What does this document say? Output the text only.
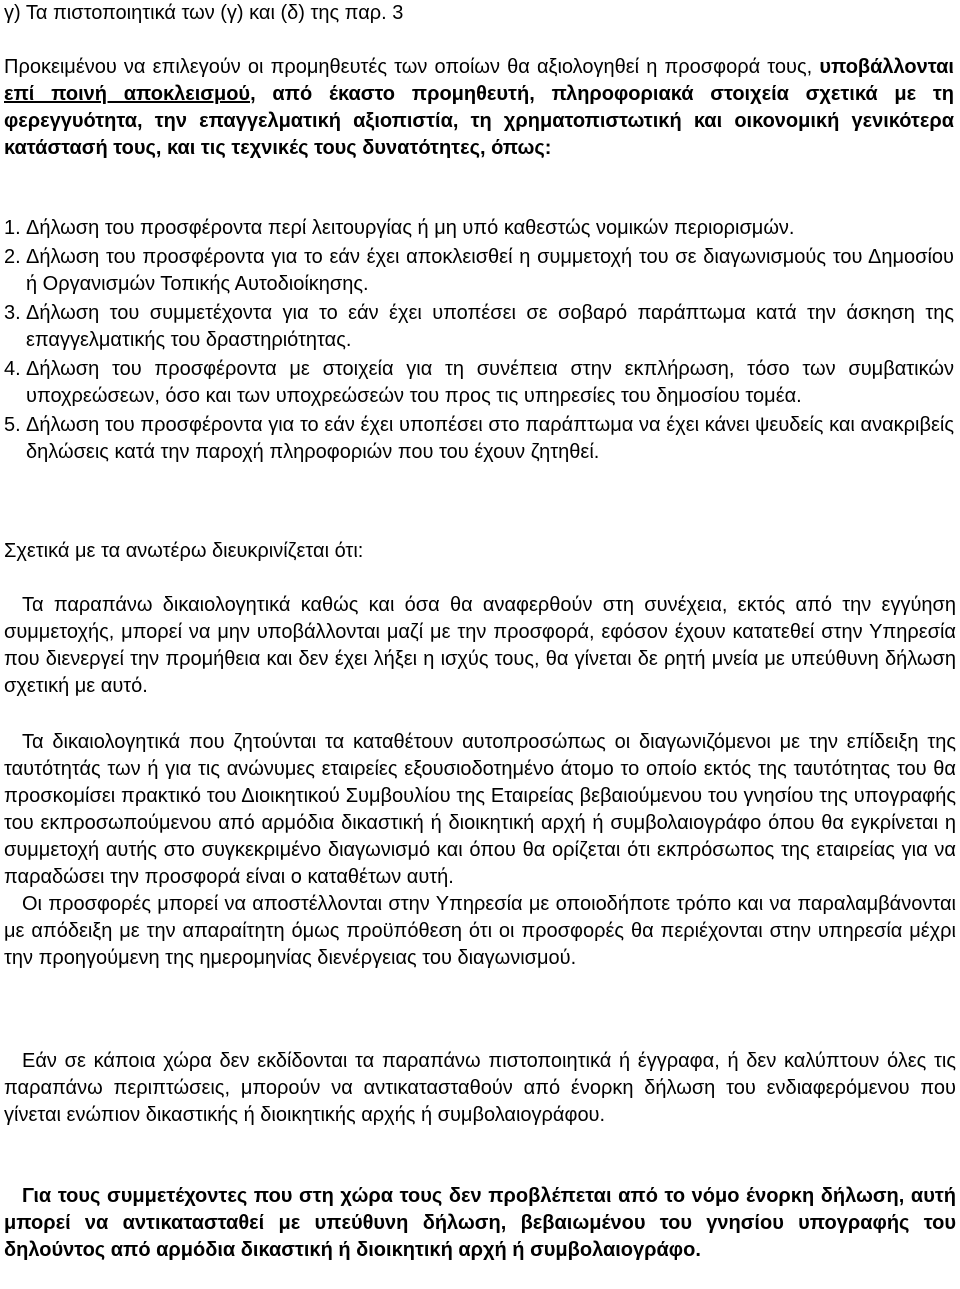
γ) Τα πιστοποιητικά των (γ) και (δ) της παρ. 3

Προκειμένου να επιλεγούν οι προμηθευτές των οποίων θα αξιολογηθεί η προσφορά τους, υποβάλλονται επί ποινή αποκλεισμού, από έκαστο προμηθευτή, πληροφοριακά στοιχεία σχετικά με τη φερεγγυότητα, την επαγγελματική αξιοπιστία, τη χρηματοπιστωτική και οικονομική γενικότερα κατάστασή τους, και τις τεχνικές τους δυνατότητες, όπως:

1. Δήλωση του προσφέροντα περί λειτουργίας ή μη υπό καθεστώς νομικών περιορισμών.
2. Δήλωση του προσφέροντα για το εάν έχει αποκλεισθεί η συμμετοχή του σε διαγωνισμούς του Δημοσίου ή Οργανισμών Τοπικής Αυτοδιοίκησης.
3. Δήλωση του συμμετέχοντα για το εάν έχει υποπέσει σε σοβαρό παράπτωμα κατά την άσκηση της επαγγελματικής του δραστηριότητας.
4. Δήλωση του προσφέροντα με στοιχεία για τη συνέπεια στην εκπλήρωση, τόσο των συμβατικών υποχρεώσεων, όσο και των υποχρεώσεών του προς τις υπηρεσίες του δημοσίου τομέα.
5. Δήλωση του προσφέροντα για το εάν έχει υποπέσει στο παράπτωμα να έχει κάνει ψευδείς και ανακριβείς δηλώσεις κατά την παροχή πληροφοριών που του έχουν ζητηθεί.

Σχετικά με τα ανωτέρω διευκρινίζεται ότι:

Τα παραπάνω δικαιολογητικά καθώς και όσα θα αναφερθούν στη συνέχεια, εκτός από την εγγύηση συμμετοχής, μπορεί να μην υποβάλλονται μαζί με την προσφορά, εφόσον έχουν κατατεθεί στην Υπηρεσία που διενεργεί την προμήθεια και δεν έχει λήξει η ισχύς τους, θα γίνεται δε ρητή μνεία με υπεύθυνη δήλωση σχετική με αυτό.

Τα δικαιολογητικά που ζητούνται τα καταθέτουν αυτοπροσώπως οι διαγωνιζόμενοι με την επίδειξη της ταυτότητάς των ή για τις ανώνυμες εταιρείες εξουσιοδοτημένο άτομο το οποίο εκτός της ταυτότητας του θα προσκομίσει πρακτικό του Διοικητικού Συμβουλίου της Εταιρείας βεβαιούμενου του γνησίου της υπογραφής του εκπροσωπούμενου από αρμόδια δικαστική ή διοικητική αρχή ή συμβολαιογράφο όπου θα εγκρίνεται η συμμετοχή αυτής στο συγκεκριμένο διαγωνισμό και όπου θα ορίζεται ότι εκπρόσωπος της εταιρείας για να παραδώσει την προσφορά είναι ο καταθέτων αυτή.

Οι προσφορές μπορεί να αποστέλλονται στην Υπηρεσία με οποιοδήποτε τρόπο και να παραλαμβάνονται με απόδειξη με την απαραίτητη όμως προϋπόθεση ότι οι προσφορές θα περιέχονται στην υπηρεσία μέχρι την προηγούμενη της ημερομηνίας διενέργειας του διαγωνισμού.

Εάν σε κάποια χώρα δεν εκδίδονται τα παραπάνω πιστοποιητικά ή έγγραφα, ή δεν καλύπτουν όλες τις παραπάνω περιπτώσεις, μπορούν να αντικατασταθούν από ένορκη δήλωση του ενδιαφερόμενου που γίνεται ενώπιον δικαστικής ή διοικητικής αρχής ή συμβολαιογράφου.

Για τους συμμετέχοντες που στη χώρα τους δεν προβλέπεται από το νόμο ένορκη δήλωση, αυτή μπορεί να αντικατασταθεί με υπεύθυνη δήλωση, βεβαιωμένου του γνησίου υπογραφής του δηλούντος από αρμόδια δικαστική ή διοικητική αρχή ή συμβολαιογράφο.
